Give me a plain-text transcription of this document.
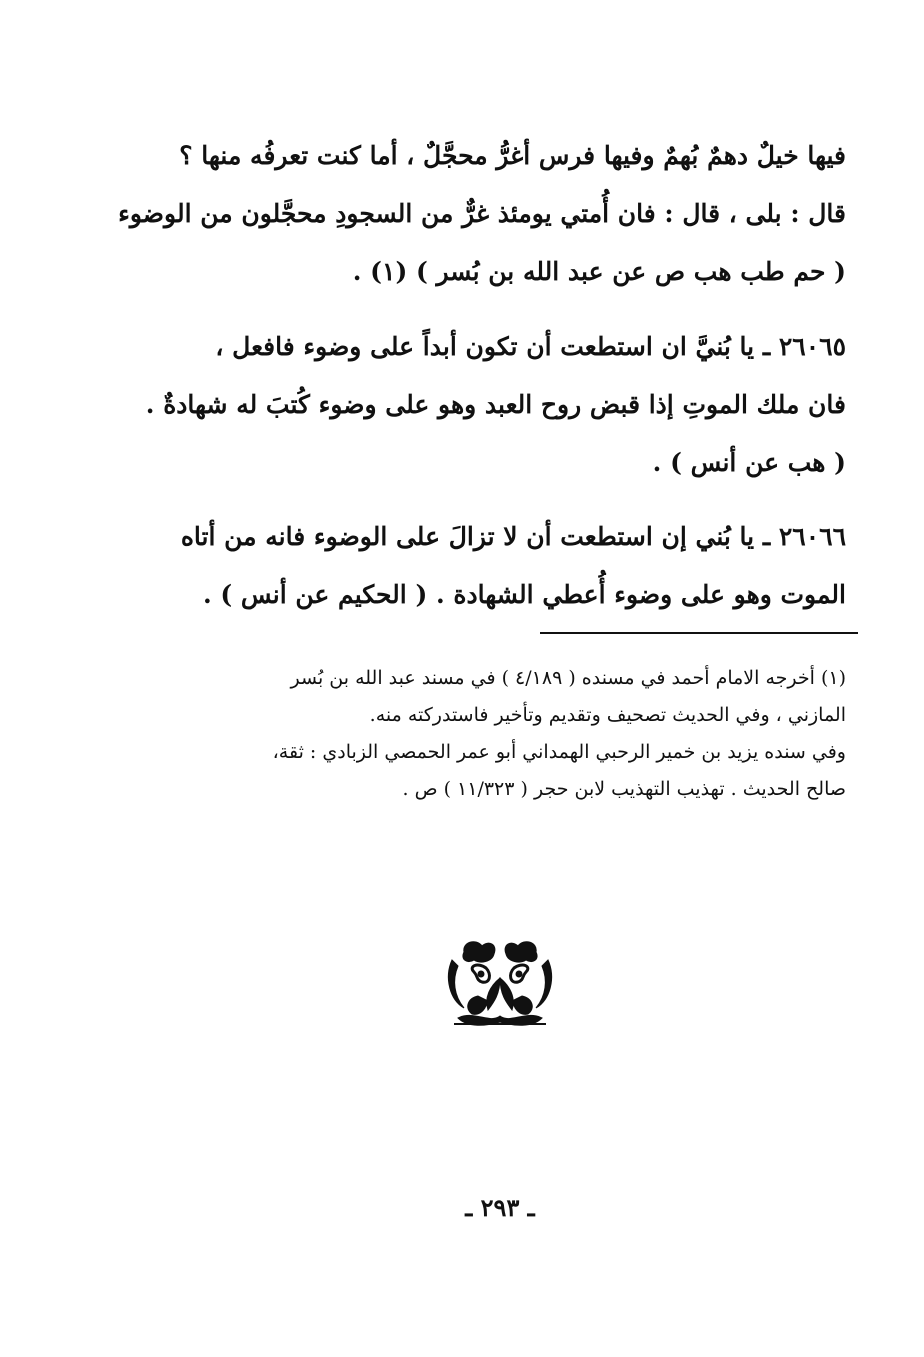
فيها خيلٌ دهمٌ بُهمٌ وفيها فرس أغرُّ محجَّلٌ ، أما كنت تعرفُه منها ؟
قال : بلى ، قال : فان أُمتي يومئذ غرٌّ من السجودِ محجَّلون من الوضوء
( حم طب هب ص عن عبد الله بن بُسر ) (١) .

٢٦٠٦٥ ـ يا بُنيَّ ان استطعت أن تكون أبداً على وضوء فافعل ،
فان ملك الموتِ إذا قبض روح العبد وهو على وضوء كُتبَ له شهادةٌ .
( هب عن أنس ) .

٢٦٠٦٦ ـ يا بُني إن استطعت أن لا تزالَ على الوضوء فانه من أتاه
الموت وهو على وضوء أُعطي الشهادة . ( الحكيم عن أنس ) .

(١) أخرجه الامام أحمد في مسنده ( ٤/١٨٩ ) في مسند عبد الله بن بُسر
المازني ، وفي الحديث تصحيف وتقديم وتأخير فاستدركته منه.
وفي سنده يزيد بن خمير الرحبي الهمداني أبو عمر الحمصي الزبادي : ثقة،
صالح الحديث . تهذيب التهذيب لابن حجر ( ١١/٣٢٣ ) ص .

ـ ٢٩٣ ـ
